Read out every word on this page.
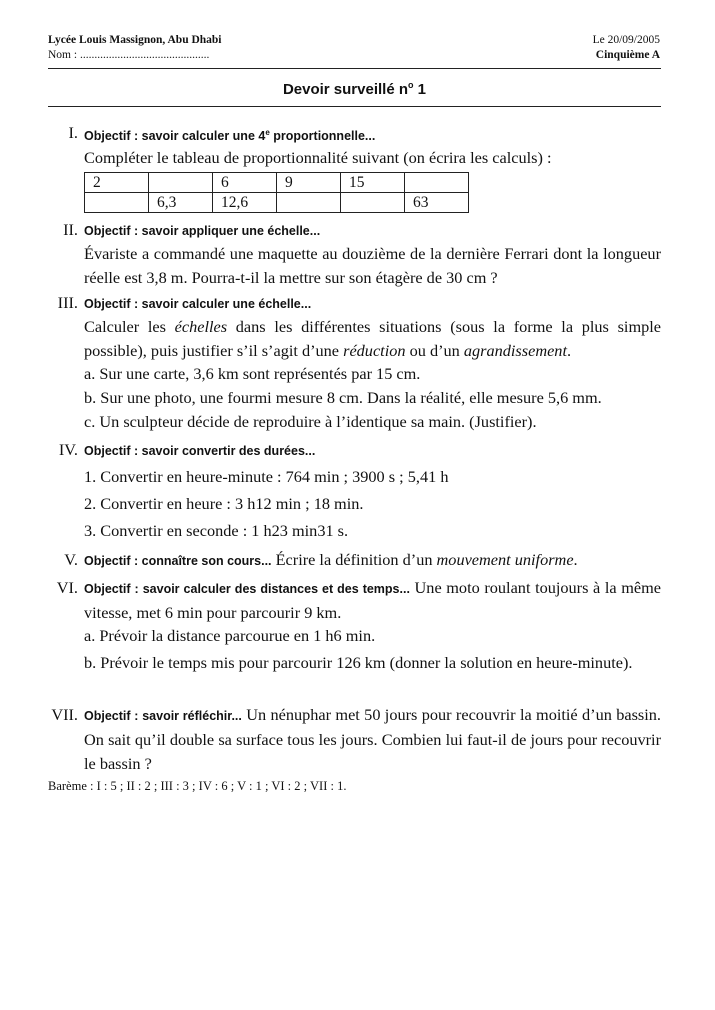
Lycée Louis Massignon, Abu Dhabi
Nom : .............................................
Le 20/09/2005
Cinquième A
Devoir surveillé $n^o$ 1
I. Objectif : savoir calculer une 4e proportionnelle...
Compléter le tableau de proportionnalité suivant (on écrira les calculs) :
2		6	9	15	
	6,3	12,6			63
II. Objectif : savoir appliquer une échelle...
Évariste a commandé une maquette au douzième de la dernière Ferrari dont la longueur réelle est 3,8 m. Pourra-t-il la mettre sur son étagère de 30 cm ?
III. Objectif : savoir calculer une échelle...
Calculer les échelles dans les différentes situations (sous la forme la plus simple possible), puis justifier s’il s’agit d’une réduction ou d’un agrandissement.
a. Sur une carte, 3,6 km sont représentés par 15 cm.
b. Sur une photo, une fourmi mesure 8 cm. Dans la réalité, elle mesure 5,6 mm.
c. Un sculpteur décide de reproduire à l’identique sa main. (Justifier).
IV. Objectif : savoir convertir des durées...
1. Convertir en heure-minute : 764 min ; 3900 s ; 5,41 h
2. Convertir en heure : 3 h12 min ; 18 min.
3. Convertir en seconde : 1 h23 min31 s.
V. Objectif : connaître son cours... Écrire la définition d’un mouvement uniforme.
VI. Objectif : savoir calculer des distances et des temps... Une moto roulant toujours à la même vitesse, met 6 min pour parcourir 9 km.
a. Prévoir la distance parcourue en 1 h6 min.
b. Prévoir le temps mis pour parcourir 126 km (donner la solution en heure-minute).
VII. Objectif : savoir réfléchir... Un nénuphar met 50 jours pour recouvrir la moitié d’un bassin. On sait qu’il double sa surface tous les jours. Combien lui faut-il de jours pour recouvrir le bassin ?
Barème : I : 5 ; II : 2 ; III : 3 ; IV : 6 ; V : 1 ; VI : 2 ; VII : 1.
